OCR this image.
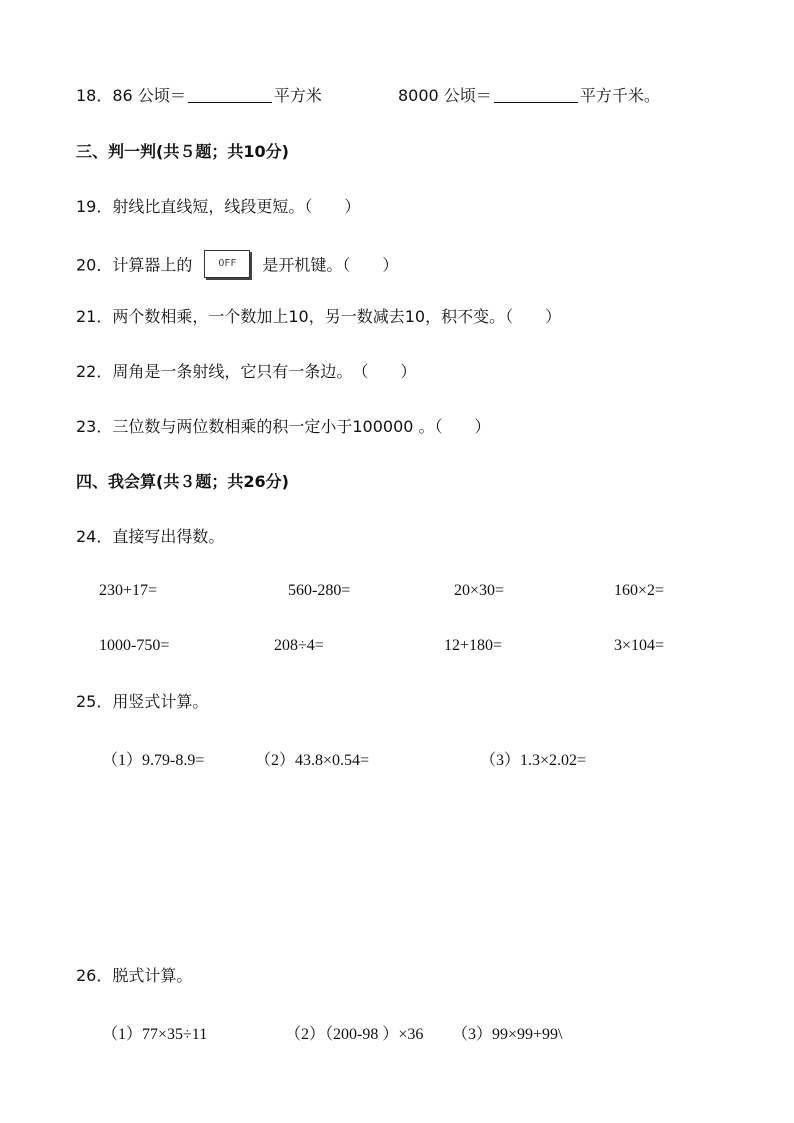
18．86 公顷＝	平方米	8000 公顷＝	平方千米。
三、判一判(共５题；共10分)
19．射线比直线短，线段更短。（　　）
20．计算器上的	OFF 是开机键。（　　）
21．两个数相乘，一个数加上10，另一数减去10，积不变。（　　）
22．周角是一条射线，它只有一条边。　（　　）
23．三位数与两位数相乘的积一定小于100000 。（　　）
四、我会算(共３题；共26分)
24．直接写出得数。
230+17=	560-280=	20×30=	160×2=
1000-750=	208÷4=	12+180=	3×104=
25．用竖式计算。
（1）9.79-8.9=	（2）43.8×0.54=	（3）1.3×2.02=
26．脱式计算。
（1）77×35÷11	（2）（200-98 ）×36 （3）99×99+99\
